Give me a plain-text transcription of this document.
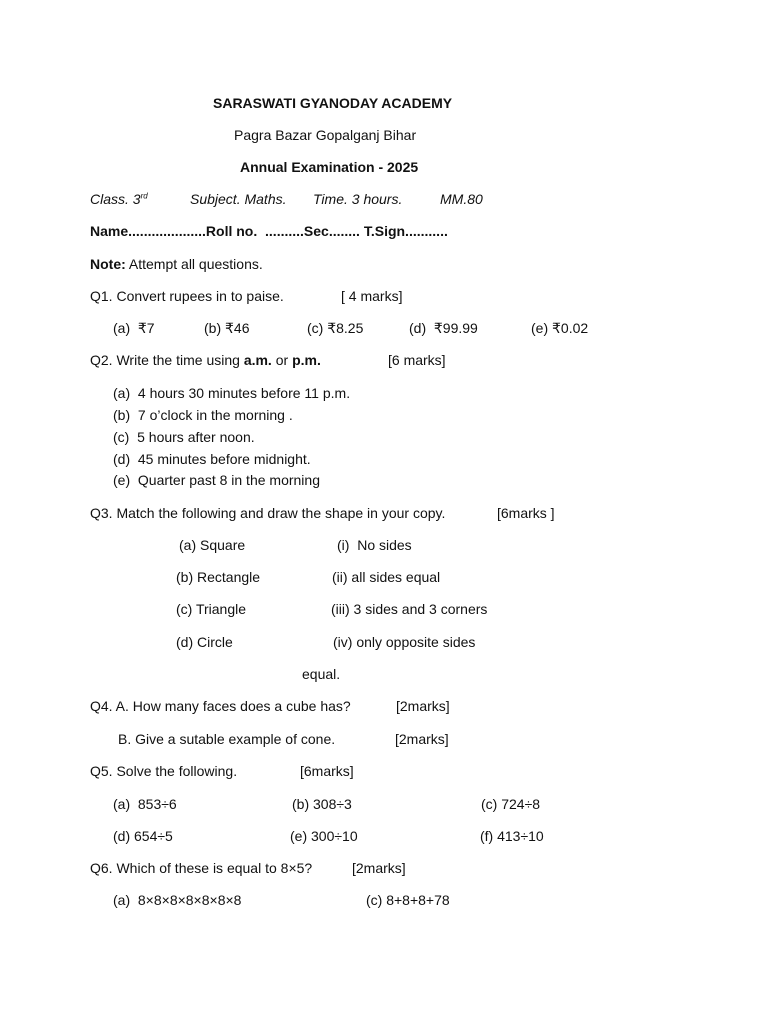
SARASWATI GYANODAY ACADEMY
Pagra Bazar Gopalganj Bihar
Annual Examination - 2025
Class. 3rd	Subject. Maths. Time. 3 hours.	MM.80
Name....................Roll no.  ..........Sec........ T.Sign...........
Note: Attempt all questions.
Q1. Convert rupees in to paise.	[ 4 marks]
(a)  ₹7	(b) ₹46	(c) ₹8.25	(d)  ₹99.99	(e) ₹0.02
Q2. Write the time using a.m. or p.m.	[6 marks]
(a)  4 hours 30 minutes before 11 p.m.
(b)  7 o’clock in the morning .
(c)  5 hours after noon.
(d)  45 minutes before midnight.
(e)  Quarter past 8 in the morning
Q3. Match the following and draw the shape in your copy.	[6marks ]
(a) Square	(i)  No sides
(b) Rectangle	(ii) all sides equal
(c) Triangle	(iii) 3 sides and 3 corners
(d) Circle	(iv) only opposite sides
equal.
Q4. A. How many faces does a cube has?	[2marks]
B. Give a sutable example of cone.	[2marks]
Q5. Solve the following.	[6marks]
(a)  853÷6	(b) 308÷3	(c) 724÷8
(d) 654÷5	(e) 300÷10	(f) 413÷10
Q6. Which of these is equal to 8×5?	[2marks]
(a)  8×8×8×8×8×8×8	(c) 8+8+8+78
